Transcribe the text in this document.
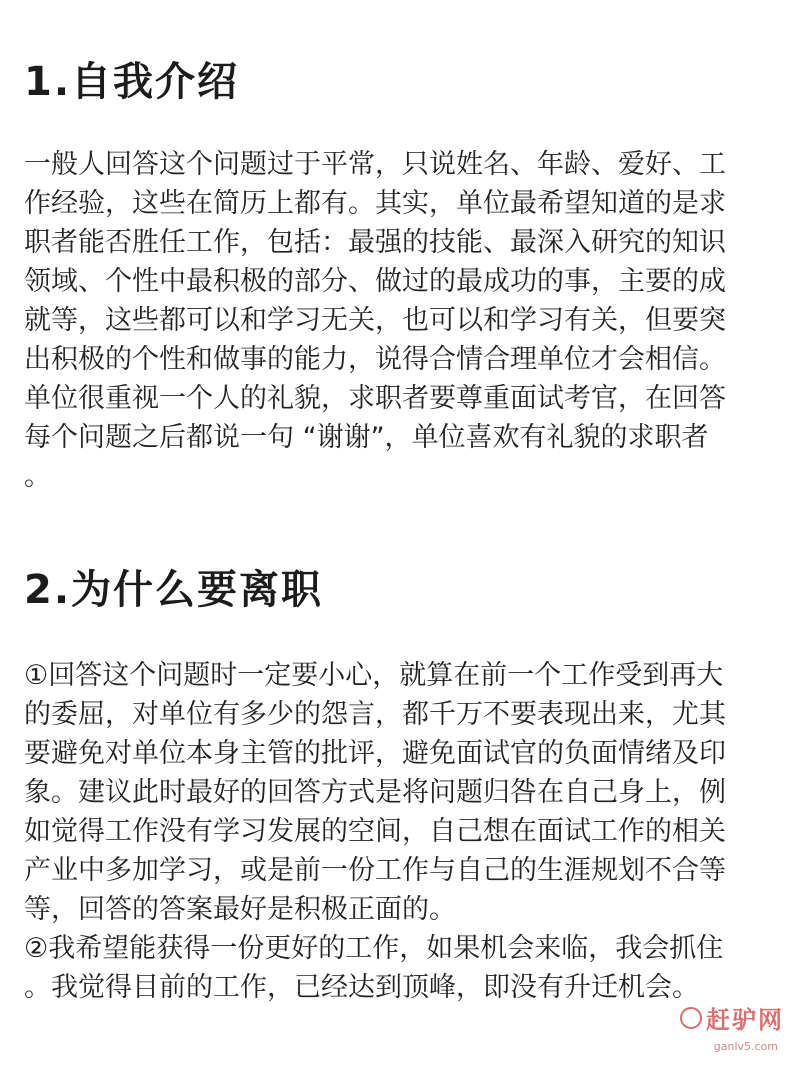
1.自我介绍

一般人回答这个问题过于平常，只说姓名、年龄、爱好、工
作经验，这些在简历上都有。其实，单位最希望知道的是求
职者能否胜任工作，包括：最强的技能、最深入研究的知识
领域、个性中最积极的部分、做过的最成功的事，主要的成
就等，这些都可以和学习无关，也可以和学习有关，但要突
出积极的个性和做事的能力，说得合情合理单位才会相信。
单位很重视一个人的礼貌，求职者要尊重面试考官，在回答
每个问题之后都说一句 “谢谢”，单位喜欢有礼貌的求职者
。

2.为什么要离职

①回答这个问题时一定要小心，就算在前一个工作受到再大
的委屈，对单位有多少的怨言，都千万不要表现出来，尤其
要避免对单位本身主管的批评，避免面试官的负面情绪及印
象。建议此时最好的回答方式是将问题归咎在自己身上，例
如觉得工作没有学习发展的空间，自己想在面试工作的相关
产业中多加学习，或是前一份工作与自己的生涯规划不合等
等，回答的答案最好是积极正面的。
②我希望能获得一份更好的工作，如果机会来临，我会抓住
。我觉得目前的工作，已经达到顶峰，即没有升迁机会。

赶驴网
ganlv5.com
